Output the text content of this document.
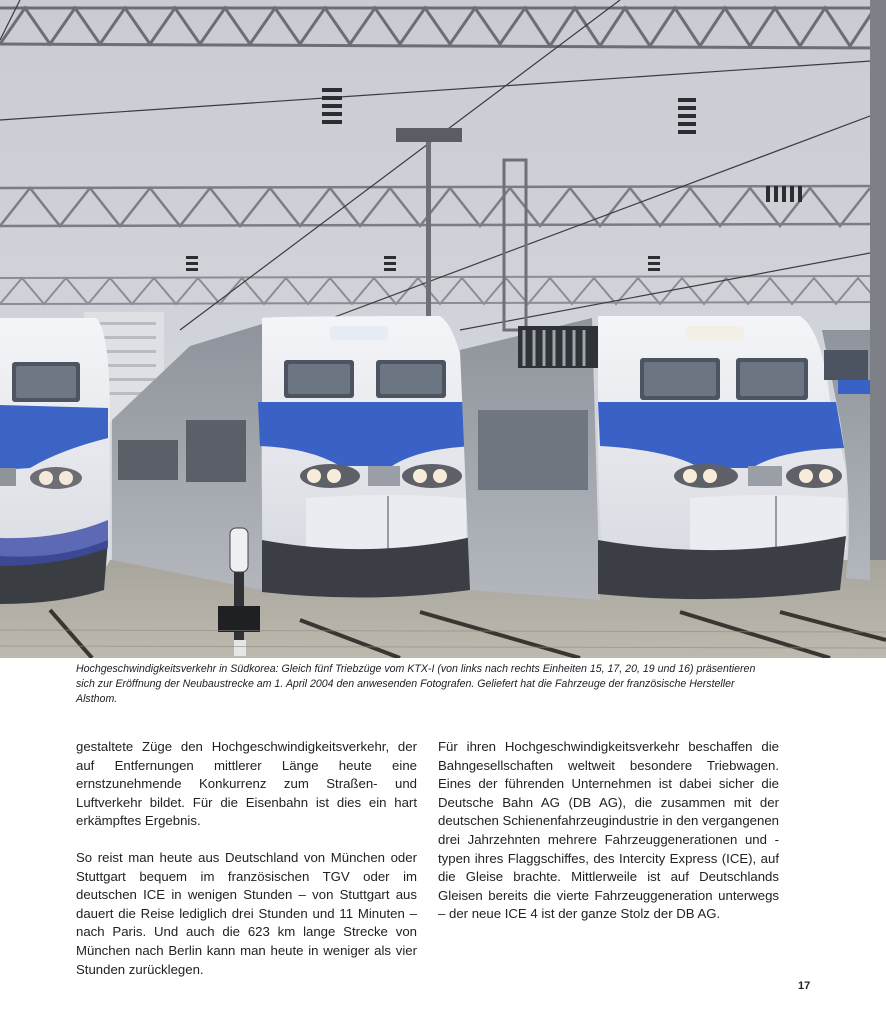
Hochgeschwindigkeitsverkehr in Südkorea: Gleich fünf Triebzüge vom KTX-I (von links nach rechts Einheiten 15, 17, 20, 19 und 16) präsentieren sich zur Eröffnung der Neubaustrecke am 1. April 2004 den anwesenden Fotografen. Geliefert hat die Fahrzeuge der französische Hersteller Alsthom.

gestaltete Züge den Hochgeschwindigkeitsverkehr, der auf Entfernungen mittlerer Länge heute eine ernstzunehmende Konkurrenz zum Straßen- und Luftverkehr bildet. Für die Eisenbahn ist dies ein hart erkämpftes Ergebnis.

So reist man heute aus Deutschland von München oder Stuttgart bequem im französischen TGV oder im deutschen ICE in wenigen Stunden – von Stuttgart aus dauert die Reise lediglich drei Stunden und 11 Minuten – nach Paris. Und auch die 623 km lange Strecke von München nach Berlin kann man heute in weniger als vier Stunden zurücklegen.

Für ihren Hochgeschwindigkeitsverkehr beschaffen die Bahngesellschaften weltweit besondere Triebwagen. Eines der führenden Unternehmen ist dabei sicher die Deutsche Bahn AG (DB AG), die zusammen mit der deutschen Schienenfahrzeugindustrie in den vergangenen drei Jahrzehnten mehrere Fahrzeuggenerationen und -typen ihres Flaggschiffes, des Intercity Express (ICE), auf die Gleise brachte. Mittlerweile ist auf Deutschlands Gleisen bereits die vierte Fahrzeuggeneration unterwegs – der neue ICE 4 ist der ganze Stolz der DB AG.

17
